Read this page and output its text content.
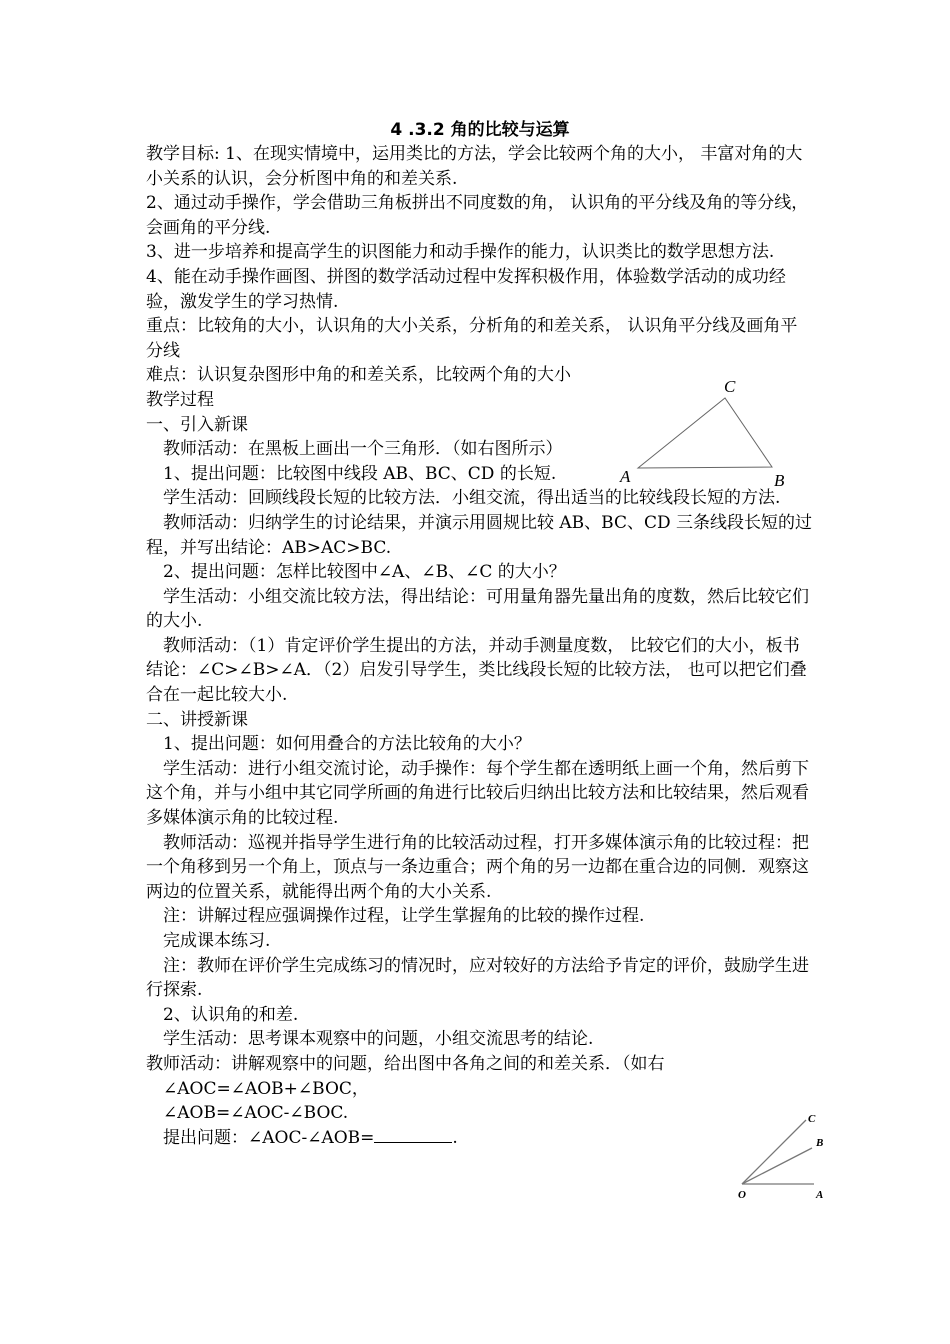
4 .3.2 角的比较与运算

教学目标: 1、在现实情境中，运用类比的方法，学会比较两个角的大小， 丰富对角的大小关系的认识，会分析图中角的和差关系.

2、通过动手操作，学会借助三角板拼出不同度数的角， 认识角的平分线及角的等分线，会画角的平分线.

3、进一步培养和提高学生的识图能力和动手操作的能力，认识类比的数学思想方法.

4、能在动手操作画图、拼图的数学活动过程中发挥积极作用，体验数学活动的成功经验，激发学生的学习热情.

重点：比较角的大小，认识角的大小关系，分析角的和差关系， 认识角平分线及画角平分线

难点：认识复杂图形中角的和差关系，比较两个角的大小

教学过程

一、引入新课

教师活动：在黑板上画出一个三角形．（如右图所示）

1、提出问题：比较图中线段 AB、BC、CD 的长短.

学生活动：回顾线段长短的比较方法．小组交流，得出适当的比较线段长短的方法.

教师活动：归纳学生的讨论结果，并演示用圆规比较 AB、BC、CD 三条线段长短的过程，并写出结论：AB>AC>BC.

2、提出问题：怎样比较图中∠A、∠B、∠C 的大小？

学生活动：小组交流比较方法，得出结论：可用量角器先量出角的度数，然后比较它们的大小.

教师活动：（1）肯定评价学生提出的方法，并动手测量度数， 比较它们的大小，板书结论：∠C>∠B>∠A．（2）启发引导学生，类比线段长短的比较方法， 也可以把它们叠合在一起比较大小.

二、讲授新课

1、提出问题：如何用叠合的方法比较角的大小？

学生活动：进行小组交流讨论，动手操作：每个学生都在透明纸上画一个角，然后剪下这个角，并与小组中其它同学所画的角进行比较后归纳出比较方法和比较结果，然后观看多媒体演示角的比较过程.

教师活动：巡视并指导学生进行角的比较活动过程，打开多媒体演示角的比较过程：把一个角移到另一个角上，顶点与一条边重合；两个角的另一边都在重合边的同侧．观察这两边的位置关系，就能得出两个角的大小关系.

注：讲解过程应强调操作过程，让学生掌握角的比较的操作过程.

完成课本练习.

注：教师在评价学生完成练习的情况时，应对较好的方法给予肯定的评价，鼓励学生进行探索.

2、认识角的和差.

学生活动：思考课本观察中的问题，小组交流思考的结论.

教师活动：讲解观察中的问题，给出图中各角之间的和差关系．（如右

∠AOC=∠AOB+∠BOC，

∠AOB=∠AOC-∠BOC.

提出问题：∠AOC-∠AOB=	.

C
A	B
C
B
O	A
